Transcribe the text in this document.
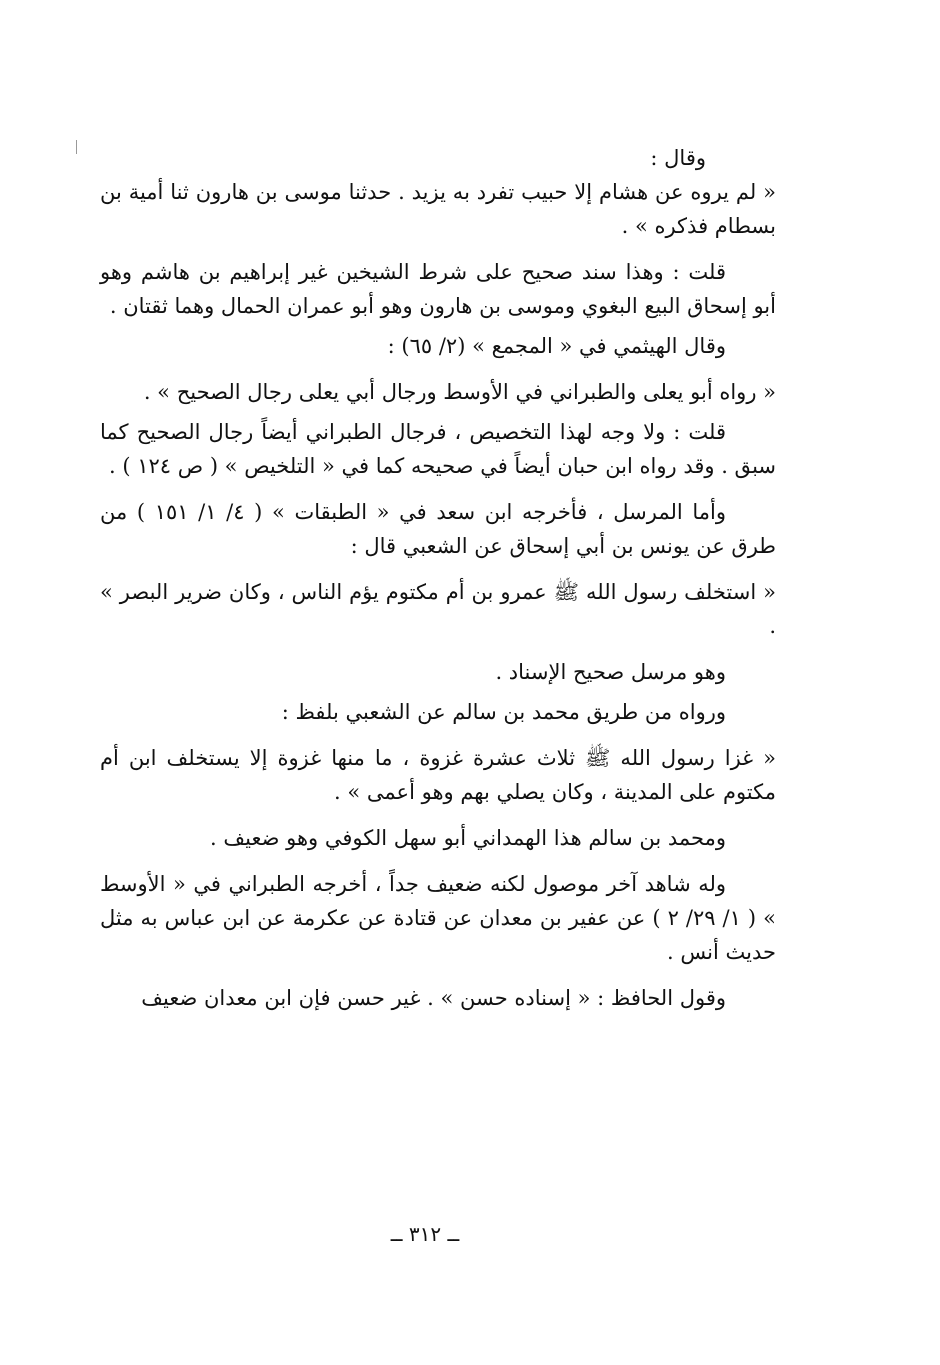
وقال :

« لم يروه عن هشام إلا حبيب تفرد به يزيد . حدثنا موسى بن هارون ثنا أمية بن بسطام فذكره » .

قلت : وهذا سند صحيح على شرط الشيخين غير إبراهيم بن هاشم وهو أبو إسحاق البيع البغوي وموسى بن هارون وهو أبو عمران الحمال وهما ثقتان .

وقال الهيثمي في « المجمع » (٢/ ٦٥) :

« رواه أبو يعلى والطبراني في الأوسط ورجال أبي يعلى رجال الصحيح » .

قلت : ولا وجه لهذا التخصيص ، فرجال الطبراني أيضاً رجال الصحيح كما سبق . وقد رواه ابن حبان أيضاً في صحيحه كما في « التلخيص » ( ص ١٢٤ ) .

وأما المرسل ، فأخرجه ابن سعد في « الطبقات » ( ٤/ ١/ ١٥١ ) من طرق عن يونس بن أبي إسحاق عن الشعبي قال :

« استخلف رسول الله ﷺ عمرو بن أم مكتوم يؤم الناس ، وكان ضرير البصر » .

وهو مرسل صحيح الإسناد .

ورواه من طريق محمد بن سالم عن الشعبي بلفظ :

« غزا رسول الله ﷺ ثلاث عشرة غزوة ، ما منها غزوة إلا يستخلف ابن أم مكتوم على المدينة ، وكان يصلي بهم وهو أعمى » .

ومحمد بن سالم هذا الهمداني أبو سهل الكوفي وهو ضعيف .

وله شاهد آخر موصول لكنه ضعيف جداً ، أخرجه الطبراني في « الأوسط » ( ١/ ٢٩/ ٢ ) عن عفير بن معدان عن قتادة عن عكرمة عن ابن عباس به مثل حديث أنس .

وقول الحافظ : « إسناده حسن » . غير حسن فإن ابن معدان ضعيف

ــ ٣١٢ ــ
